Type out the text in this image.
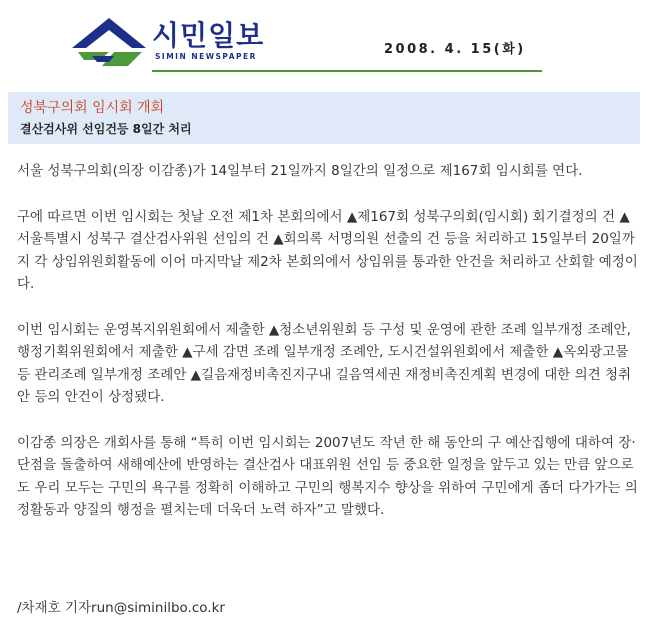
시민일보
SIMIN NEWSPAPER	2008. 4. 15(화)
성북구의회 임시회 개회
결산검사위 선임건등 8일간 처리

서울 성북구의회(의장 이감종)가 14일부터 21일까지 8일간의 일정으로 제167회 임시회를 연다.

구에 따르면 이번 임시회는 첫날 오전 제1차 본회의에서 ▲제167회 성북구의회(임시회) 회기결정의 건 ▲서울특별시 성북구 결산검사위원 선임의 건 ▲회의록 서명의원 선출의 건 등을 처리하고 15일부터 20일까지 각 상임위원회활동에 이어 마지막날 제2차 본회의에서 상임위를 통과한 안건을 처리하고 산회할 예정이다.

이번 임시회는 운영복지위원회에서 제출한 ▲청소년위원회 등 구성 및 운영에 관한 조례 일부개정 조례안, 행정기획위원회에서 제출한 ▲구세 감면 조례 일부개정 조례안, 도시건설위원회에서 제출한 ▲옥외광고물 등 관리조례 일부개정 조례안 ▲길음재정비촉진지구내 길음역세권 재정비촉진계획 변경에 대한 의견 청취안 등의 안건이 상정됐다.

이감종 의장은 개회사를 통해 “특히 이번 임시회는 2007년도 작년 한 해 동안의 구 예산집행에 대하여 장·단점을 돌출하여 새해예산에 반영하는 결산검사 대표위원 선임 등 중요한 일정을 앞두고 있는 만큼 앞으로도 우리 모두는 구민의 욕구를 정확히 이해하고 구민의 행복지수 향상을 위하여 구민에게 좀더 다가가는 의정활동과 양질의 행정을 펼치는데 더욱더 노력 하자”고 말했다.

/차재호 기자run@siminilbo.co.kr
